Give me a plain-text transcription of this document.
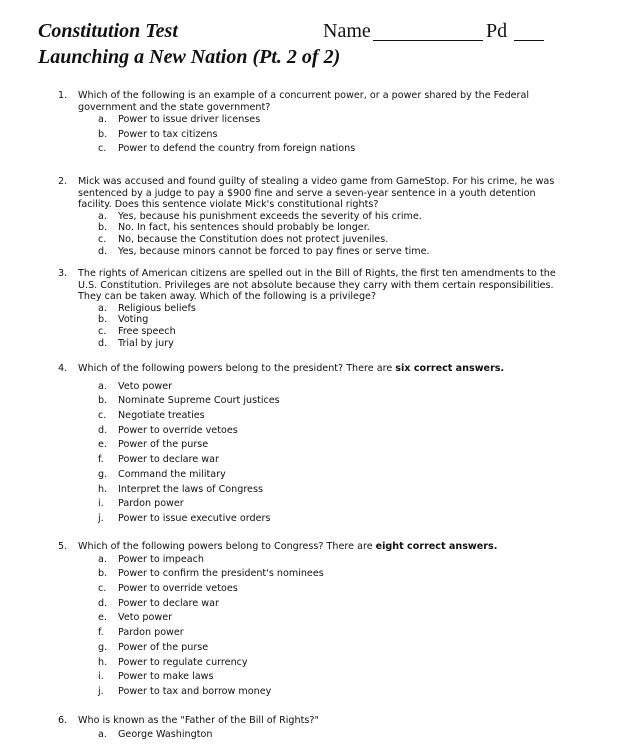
Constitution Test	Name	Pd
Launching a New Nation (Pt. 2 of 2)
1. Which of the following is an example of a concurrent power, or a power shared by the Federal government and the state government?
a. Power to issue driver licenses
b. Power to tax citizens
c. Power to defend the country from foreign nations
2. Mick was accused and found guilty of stealing a video game from GameStop. For his crime, he was sentenced by a judge to pay a $900 fine and serve a seven-year sentence in a youth detention facility. Does this sentence violate Mick's constitutional rights?
a. Yes, because his punishment exceeds the severity of his crime.
b. No. In fact, his sentences should probably be longer.
c. No, because the Constitution does not protect juveniles.
d. Yes, because minors cannot be forced to pay fines or serve time.
3. The rights of American citizens are spelled out in the Bill of Rights, the first ten amendments to the U.S. Constitution. Privileges are not absolute because they carry with them certain responsibilities. They can be taken away. Which of the following is a privilege?
a. Religious beliefs
b. Voting
c. Free speech
d. Trial by jury
4. Which of the following powers belong to the president? There are six correct answers.
a. Veto power
b. Nominate Supreme Court justices
c. Negotiate treaties
d. Power to override vetoes
e. Power of the purse
f. Power to declare war
g. Command the military
h. Interpret the laws of Congress
i. Pardon power
j. Power to issue executive orders
5. Which of the following powers belong to Congress? There are eight correct answers.
a. Power to impeach
b. Power to confirm the president's nominees
c. Power to override vetoes
d. Power to declare war
e. Veto power
f. Pardon power
g. Power of the purse
h. Power to regulate currency
i. Power to make laws
j. Power to tax and borrow money
6. Who is known as the "Father of the Bill of Rights?"
a. George Washington
